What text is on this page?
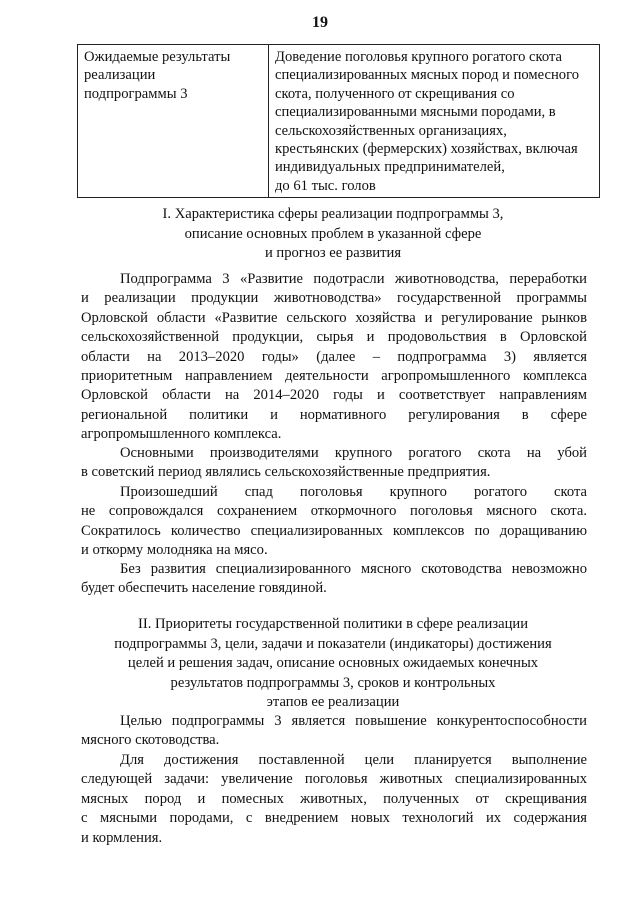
19
Ожидаемые результаты
реализации
подпрограммы 3

Доведение поголовья крупного рогатого скота
специализированных мясных пород и помесного
скота, полученного от скрещивания со
специализированными мясными породами, в
сельскохозяйственных организациях,
крестьянских (фермерских) хозяйствах, включая
индивидуальных предпринимателей,
до 61 тыс. голов
I. Характеристика сферы реализации подпрограммы 3,
описание основных проблем в указанной сфере
и прогноз ее развития
Подпрограмма 3 «Развитие подотрасли животноводства, переработки
и реализации продукции животноводства» государственной программы
Орловской области «Развитие сельского хозяйства и регулирование рынков
сельскохозяйственной продукции, сырья и продовольствия в Орловской
области на 2013–2020 годы» (далее – подпрограмма 3) является
приоритетным направлением деятельности агропромышленного комплекса
Орловской области на 2014–2020 годы и соответствует направлениям
региональной политики и нормативного регулирования в сфере
агропромышленного комплекса.
Основными производителями крупного рогатого скота на убой
в советский период являлись сельскохозяйственные предприятия.
Произошедший спад поголовья крупного рогатого скота
не сопровождался сохранением откормочного поголовья мясного скота.
Сократилось количество специализированных комплексов по доращиванию
и откорму молодняка на мясо.
Без развития специализированного мясного скотоводства невозможно
будет обеспечить население говядиной.
II. Приоритеты государственной политики в сфере реализации
подпрограммы 3, цели, задачи и показатели (индикаторы) достижения
целей и решения задач, описание основных ожидаемых конечных
результатов подпрограммы 3, сроков и контрольных
этапов ее реализации
Целью подпрограммы 3 является повышение конкурентоспособности
мясного скотоводства.
Для достижения поставленной цели планируется выполнение
следующей задачи: увеличение поголовья животных специализированных
мясных пород и помесных животных, полученных от скрещивания
с мясными породами, с внедрением новых технологий их содержания
и кормления.
